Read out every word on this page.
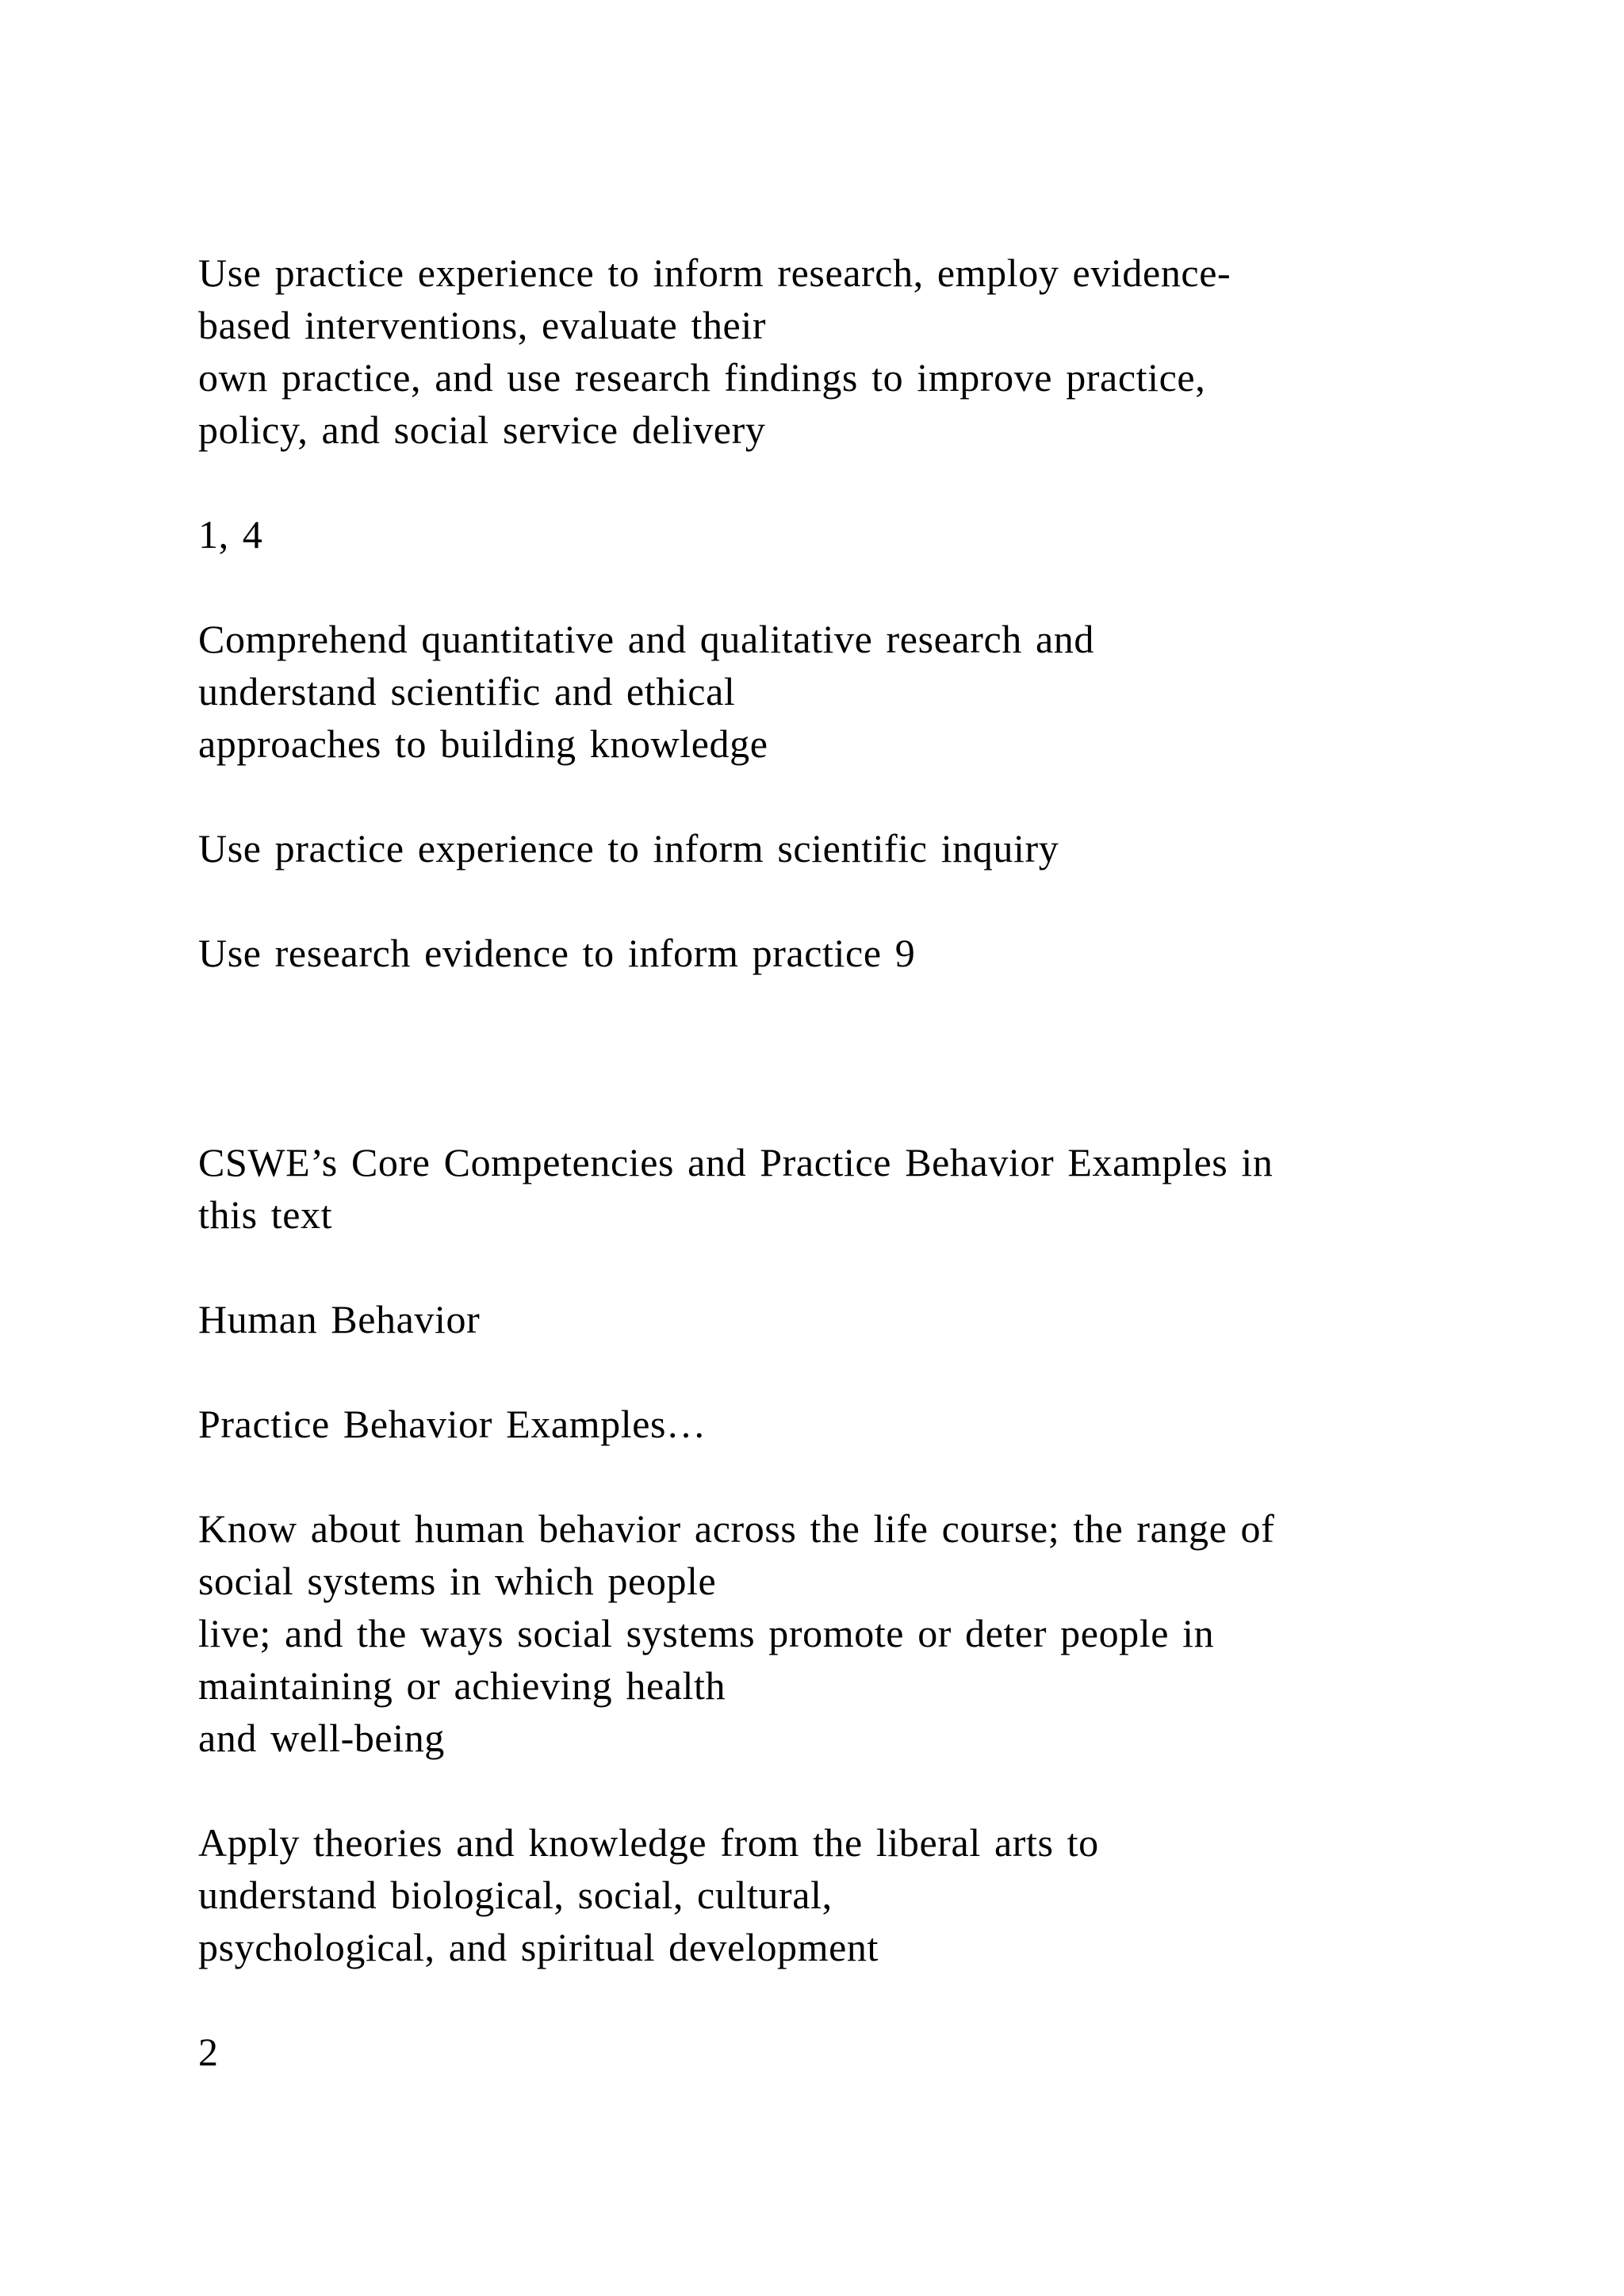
Use practice experience to inform research, employ evidence-

based interventions, evaluate their

own practice, and use research findings to improve practice,

policy, and social service delivery

1, 4

Comprehend quantitative and qualitative research and

understand scientific and ethical

approaches to building knowledge

Use practice experience to inform scientific inquiry

Use research evidence to inform practice 9

CSWE’s Core Competencies and Practice Behavior Examples in

this text

Human Behavior

Practice Behavior Examples…

Know about human behavior across the life course; the range of

social systems in which people

live; and the ways social systems promote or deter people in

maintaining or achieving health

and well-being

Apply theories and knowledge from the liberal arts to

understand biological, social, cultural,

psychological, and spiritual development

2
